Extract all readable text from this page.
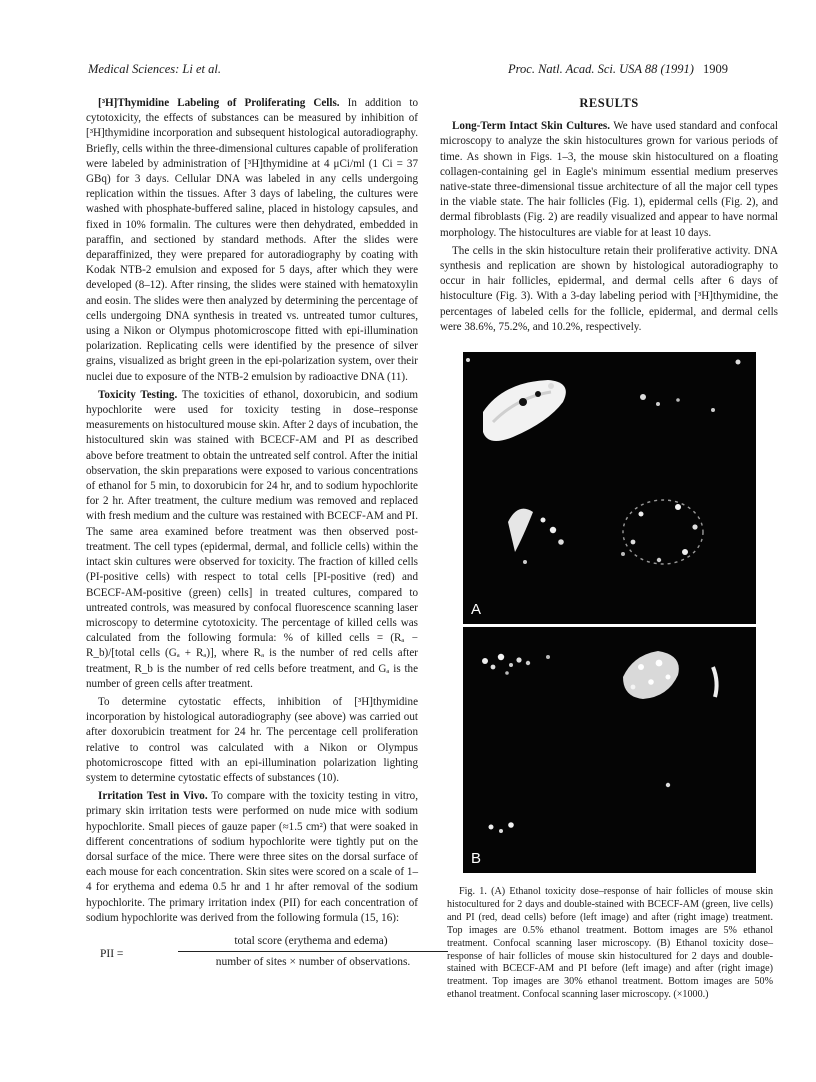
Medical Sciences: Li et al.	Proc. Natl. Acad. Sci. USA 88 (1991) 1909

[³H]Thymidine Labeling of Proliferating Cells. In addition to cytotoxicity, the effects of substances can be measured by inhibition of [³H]thymidine incorporation and subsequent histological autoradiography. Briefly, cells within the three-dimensional cultures capable of proliferation were labeled by administration of [³H]thymidine at 4 μCi/ml (1 Ci = 37 GBq) for 3 days. Cellular DNA was labeled in any cells undergoing replication within the tissues. After 3 days of labeling, the cultures were washed with phosphate-buffered saline, placed in histology capsules, and fixed in 10% formalin. The cultures were then dehydrated, embedded in paraffin, and sectioned by standard methods. After the slides were deparaffinized, they were prepared for autoradiography by coating with Kodak NTB-2 emulsion and exposed for 5 days, after which they were developed (8–12). After rinsing, the slides were stained with hematoxylin and eosin. The slides were then analyzed by determining the percentage of cells undergoing DNA synthesis in treated vs. untreated tumor cultures, using a Nikon or Olympus photomicroscope fitted with epi-illumination polarization. Replicating cells were identified by the presence of silver grains, visualized as bright green in the epi-polarization system, over their nuclei due to exposure of the NTB-2 emulsion by radioactive DNA (11).

Toxicity Testing. The toxicities of ethanol, doxorubicin, and sodium hypochlorite were used for toxicity testing in dose–response measurements on histocultured mouse skin. After 2 days of incubation, the histocultured skin was stained with BCECF-AM and PI as described above before treatment to obtain the untreated self control. After the initial observation, the skin preparations were exposed to various concentrations of ethanol for 5 min, to doxorubicin for 24 hr, and to sodium hypochlorite for 2 hr. After treatment, the culture medium was removed and replaced with fresh medium and the culture was restained with BCECF-AM and PI. The same area examined before treatment was then observed post-treatment. The cell types (epidermal, dermal, and follicle cells) within the intact skin cultures were observed for toxicity. The fraction of killed cells (PI-positive cells) with respect to total cells [PI-positive (red) and BCECF-AM-positive (green) cells] in treated cultures, compared to untreated controls, was measured by confocal fluorescence scanning laser microscopy to determine cytotoxicity. The percentage of killed cells was calculated from the following formula: % of killed cells = (Rₐ − R_b)/[total cells (Gₐ + Rₐ)], where Rₐ is the number of red cells after treatment, R_b is the number of red cells before treatment, and Gₐ is the number of green cells after treatment.

To determine cytostatic effects, inhibition of [³H]thymidine incorporation by histological autoradiography (see above) was carried out after doxorubicin treatment for 24 hr. The percentage cell proliferation relative to control was calculated with a Nikon or Olympus photomicroscope fitted with an epi-illumination polarization lighting system to determine cytostatic effects of substances (10).

Irritation Test in Vivo. To compare with the toxicity testing in vitro, primary skin irritation tests were performed on nude mice with sodium hypochlorite. Small pieces of gauze paper (≈1.5 cm²) that were soaked in different concentrations of sodium hypochlorite were tightly put on the dorsal surface of the mice. There were three sites on the dorsal surface of each mouse for each concentration. Skin sites were scored on a scale of 1–4 for erythema and edema 0.5 hr and 1 hr after removal of the sodium hypochlorite. The primary irritation index (PII) for each concentration of sodium hypochlorite was derived from the following formula (15, 16):

PII =
total score (erythema and edema)
number of sites × number of observations.
RESULTS

Long-Term Intact Skin Cultures. We have used standard and confocal microscopy to analyze the skin histocultures grown for various periods of time. As shown in Figs. 1–3, the mouse skin histocultured on a floating collagen-containing gel in Eagle's minimum essential medium preserves native-state three-dimensional tissue architecture of all the major cell types in the viable state. The hair follicles (Fig. 1), epidermal cells (Fig. 2), and dermal fibroblasts (Fig. 2) are readily visualized and appear to have normal morphology. The histocultures are viable for at least 10 days.

The cells in the skin histoculture retain their proliferative activity. DNA synthesis and replication are shown by histological autoradiography to occur in hair follicles, epidermal, and dermal cells after 6 days of histoculture (Fig. 3). With a 3-day labeling period with [³H]thymidine, the percentages of labeled cells for the follicle, epidermal, and dermal cells were 38.6%, 75.2%, and 10.2%, respectively.

A
B
Fig. 1. (A) Ethanol toxicity dose–response of hair follicles of mouse skin histocultured for 2 days and double-stained with BCECF-AM (green, live cells) and PI (red, dead cells) before (left image) and after (right image) treatment. Top images are 0.5% ethanol treatment. Bottom images are 5% ethanol treatment. Confocal scanning laser microscopy. (B) Ethanol toxicity dose–response of hair follicles of mouse skin histocultured for 2 days and double-stained with BCECF-AM and PI before (left image) and after (right image) treatment. Top images are 30% ethanol treatment. Bottom images are 50% ethanol treatment. Confocal scanning laser microscopy. (×1000.)
